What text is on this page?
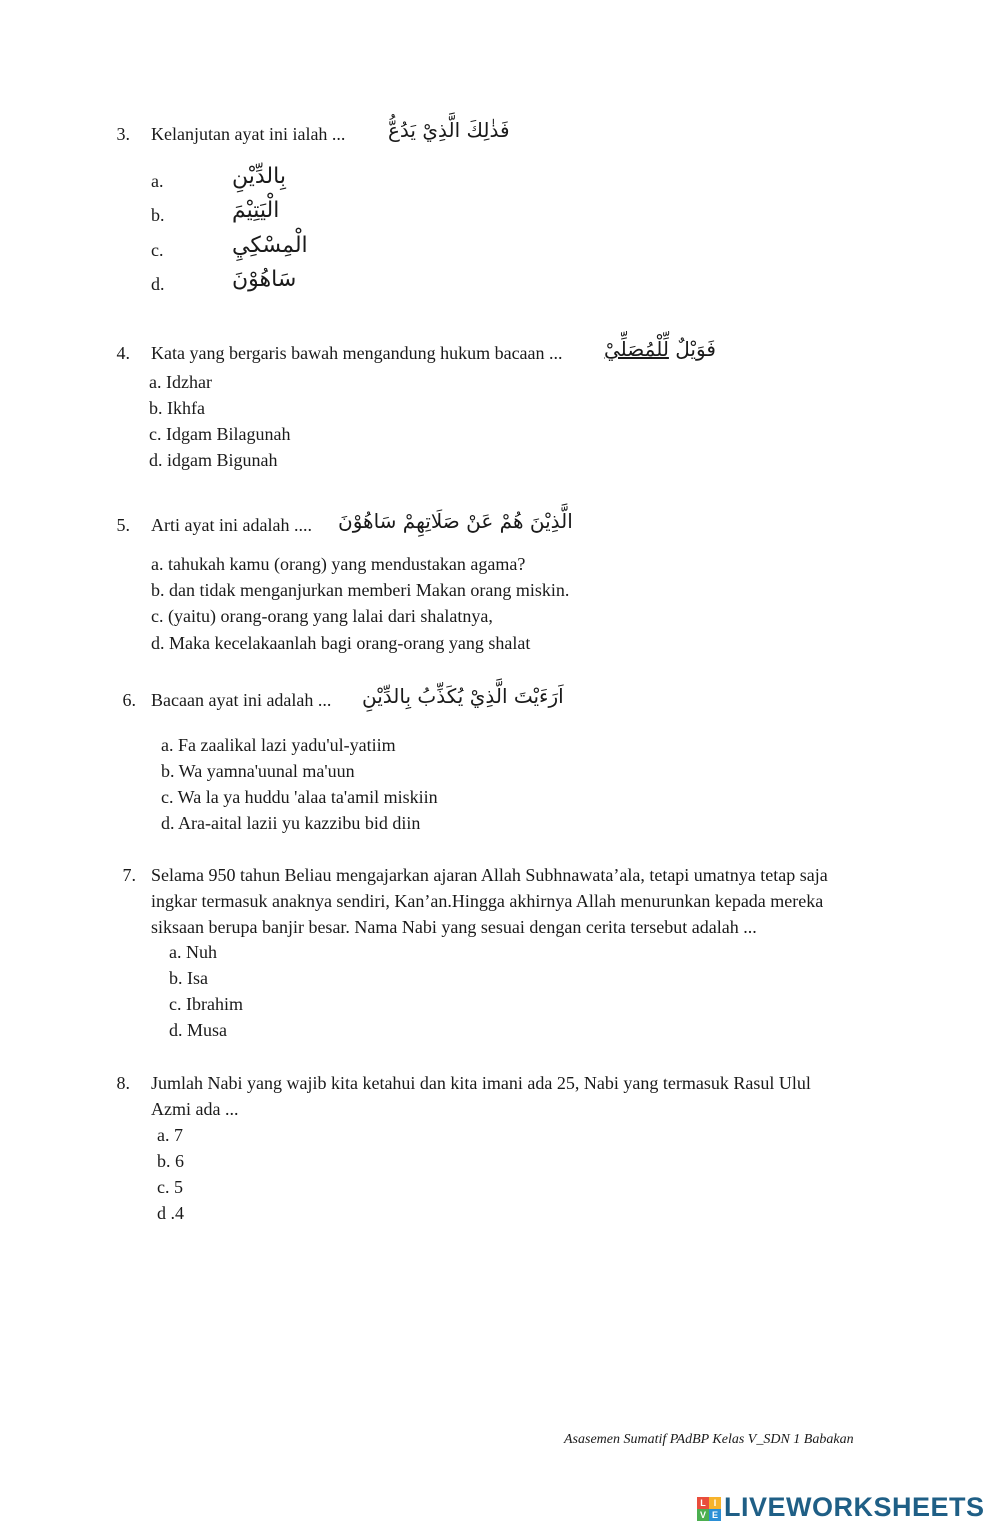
3. Kelanjutan ayat ini ialah ... فَذٰلِكَ الَّذِيْ يَدُعُّ
a.	بِالدِّيْنِ
b.	الْيَتِيْمَ
c.	الْمِسْكِيِ
d.	سَاهُوْنَ
4. Kata yang bergaris bawah mengandung hukum bacaan ...	فَوَيْلٌ لِّلْمُصَلِّيْ
a. Idzhar
b. Ikhfa
c. Idgam Bilagunah
d. idgam Bigunah
5. Arti ayat ini adalah .... الَّذِيْنَ هُمْ عَنْ صَلَاتِهِمْ سَاهُوْنَ
a. tahukah kamu (orang) yang mendustakan agama?
b. dan tidak menganjurkan memberi Makan orang miskin.
c. (yaitu) orang-orang yang lalai dari shalatnya,
d. Maka kecelakaanlah bagi orang-orang yang shalat
6. Bacaan ayat ini adalah ... اَرَءَيْتَ الَّذِيْ يُكَذِّبُ بِالدِّيْنِ
a. Fa zaalikal lazi yadu'ul-yatiim
b. Wa yamna'uunal ma'uun
c. Wa la ya huddu 'alaa ta'amil miskiin
d. Ara-aital lazii yu kazzibu bid diin
7. Selama 950 tahun Beliau mengajarkan ajaran Allah Subhnawata’ala, tetapi umatnya tetap saja
ingkar termasuk anaknya sendiri, Kan’an.Hingga akhirnya Allah menurunkan kepada mereka
siksaan berupa banjir besar. Nama Nabi yang sesuai dengan cerita tersebut adalah ...
a. Nuh
b. Isa
c. Ibrahim
d. Musa
8. Jumlah Nabi yang wajib kita ketahui dan kita imani ada 25, Nabi yang termasuk Rasul Ulul
Azmi ada ...
a. 7
b. 6
c. 5
d .4
Asasemen Sumatif PAdBP Kelas V_SDN 1 Babakan
L I
V E LIVEWORKSHEETS
